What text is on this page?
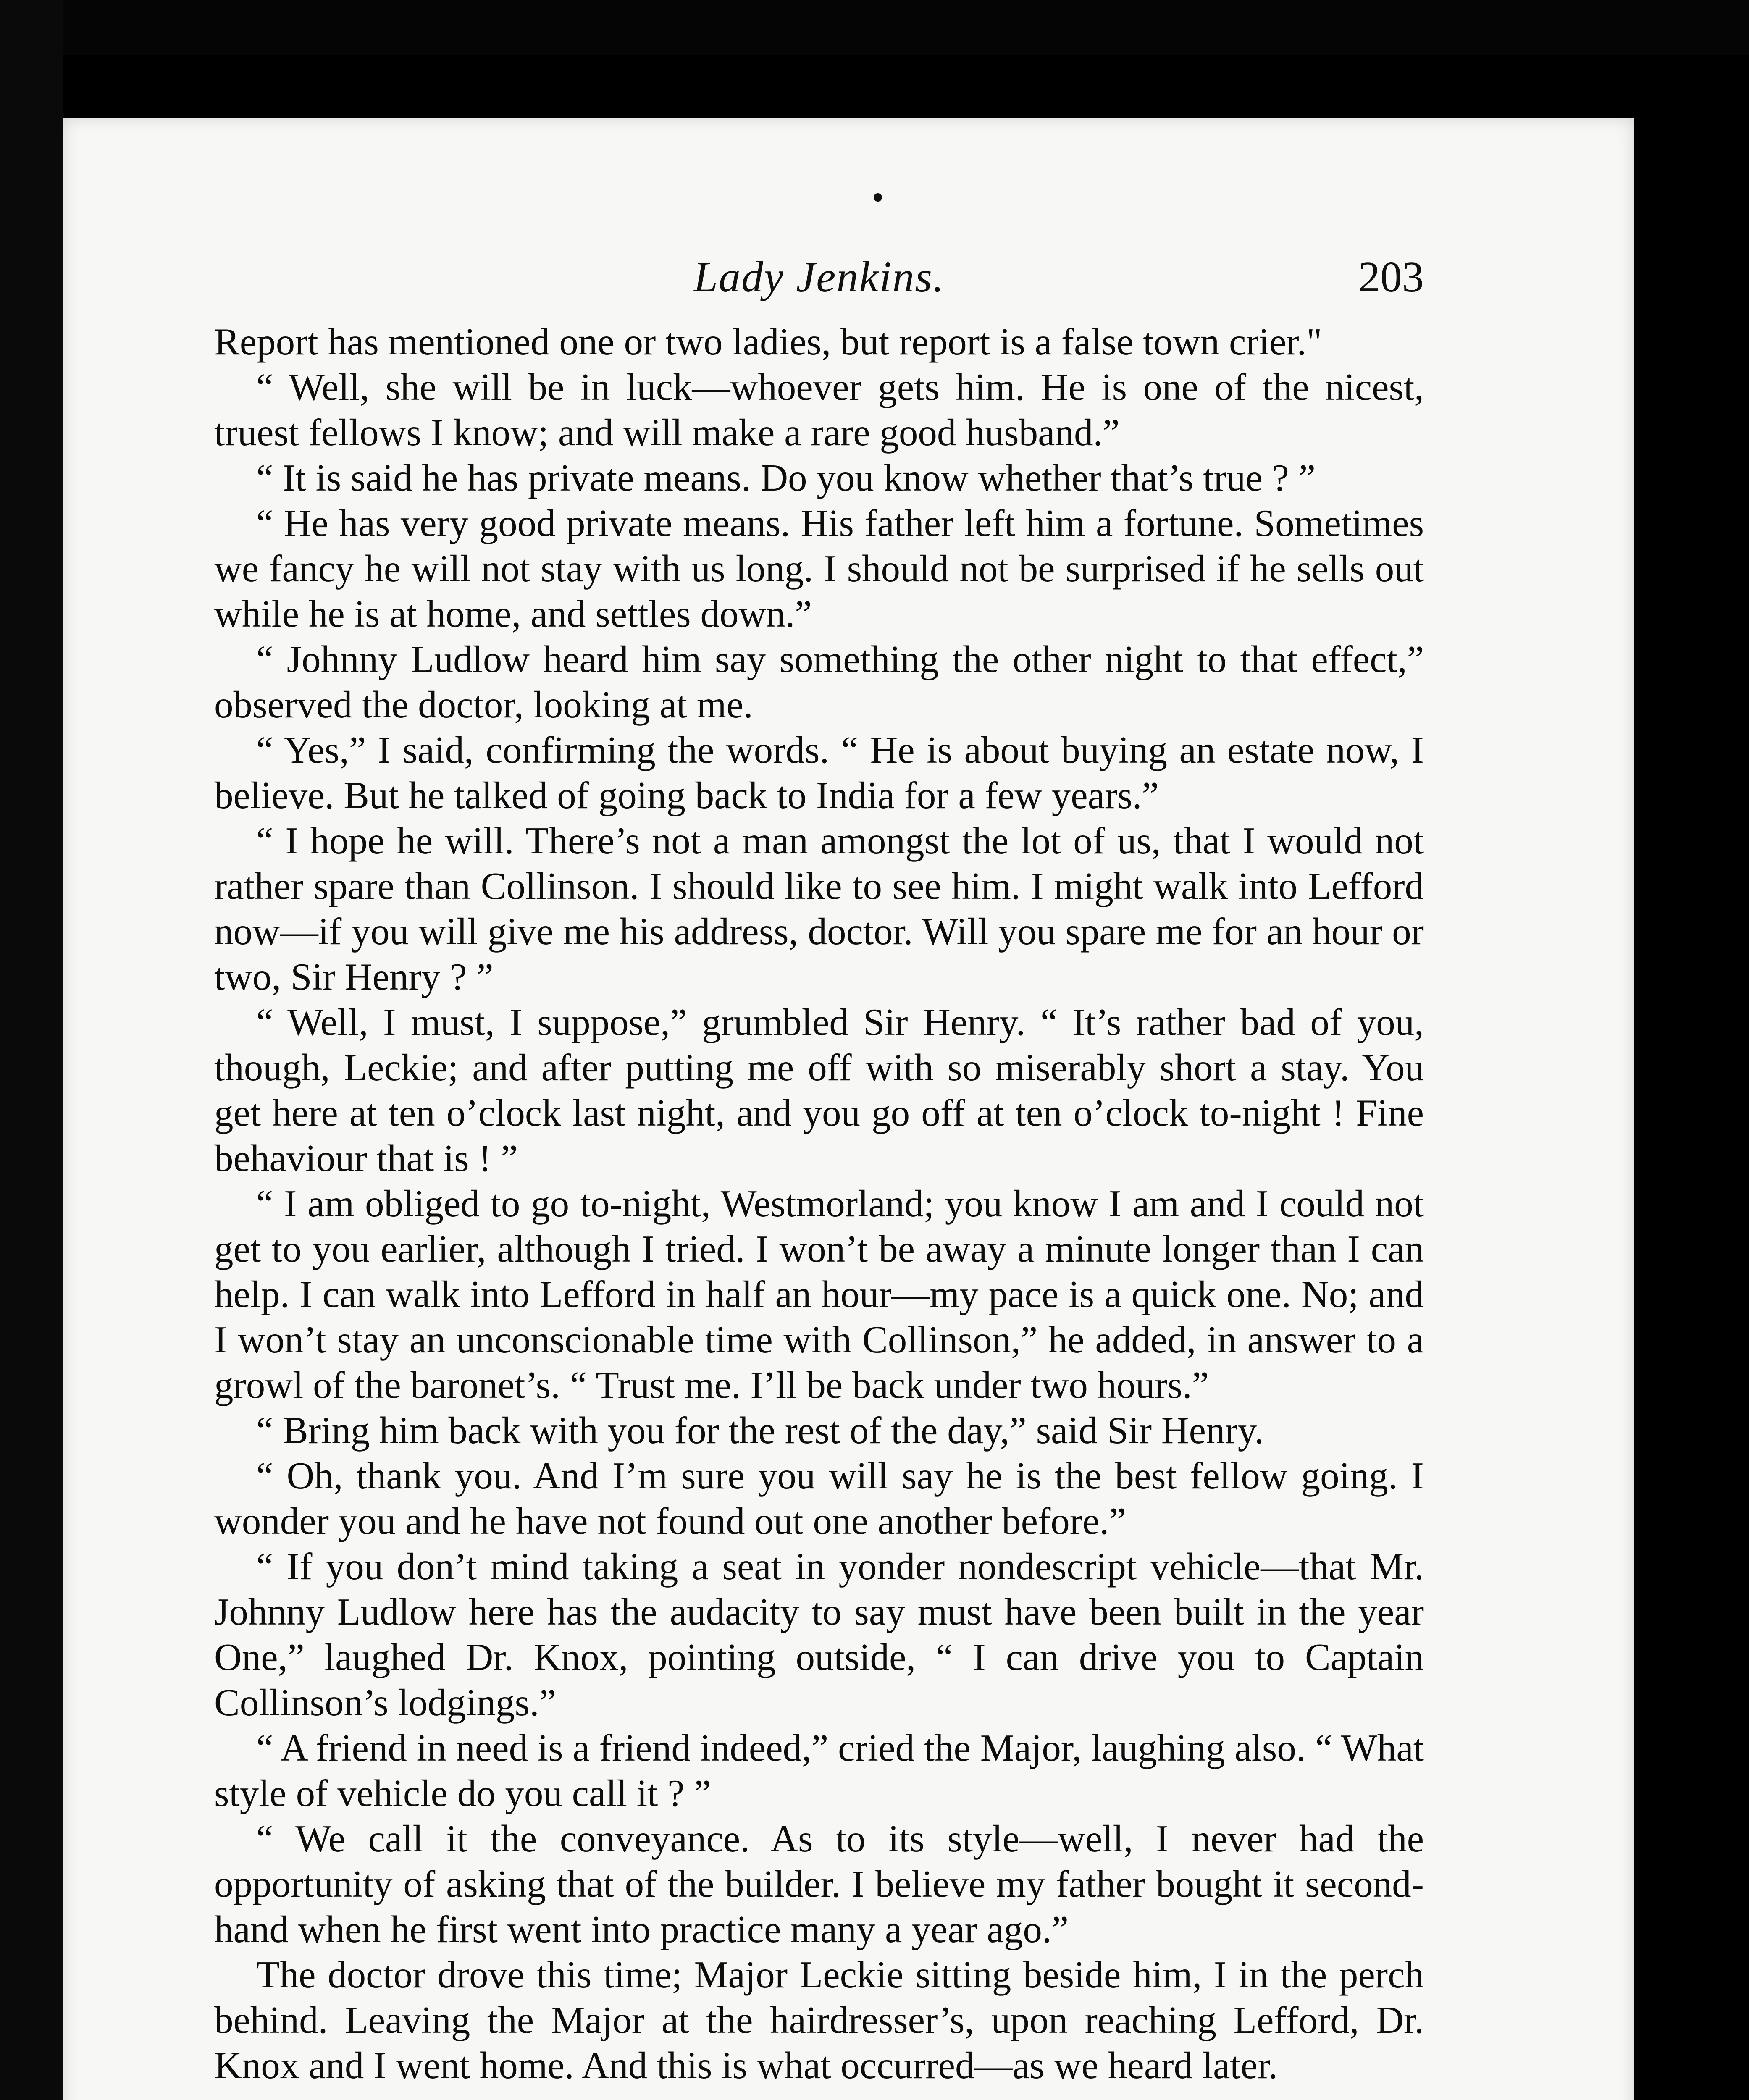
Lady Jenkins.	203

Report has mentioned one or two ladies, but report is a false town crier."

“ Well, she will be in luck—whoever gets him. He is one of the nicest, truest fellows I know; and will make a rare good husband.”

“ It is said he has private means. Do you know whether that’s true ? ”

“ He has very good private means. His father left him a fortune. Sometimes we fancy he will not stay with us long. I should not be surprised if he sells out while he is at home, and settles down.”

“ Johnny Ludlow heard him say something the other night to that effect,” observed the doctor, looking at me.

“ Yes,” I said, confirming the words. “ He is about buying an estate now, I believe. But he talked of going back to India for a few years.”

“ I hope he will. There’s not a man amongst the lot of us, that I would not rather spare than Collinson. I should like to see him. I might walk into Lefford now—if you will give me his address, doctor. Will you spare me for an hour or two, Sir Henry ? ”

“ Well, I must, I suppose,” grumbled Sir Henry. “ It’s rather bad of you, though, Leckie; and after putting me off with so miserably short a stay. You get here at ten o’clock last night, and you go off at ten o’clock to-night ! Fine behaviour that is ! ”

“ I am obliged to go to-night, Westmorland; you know I am and I could not get to you earlier, although I tried. I won’t be away a minute longer than I can help. I can walk into Lefford in half an hour—my pace is a quick one. No; and I won’t stay an unconscionable time with Collinson,” he added, in answer to a growl of the baronet’s. “ Trust me. I’ll be back under two hours.”

“ Bring him back with you for the rest of the day,” said Sir Henry.

“ Oh, thank you. And I’m sure you will say he is the best fellow going. I wonder you and he have not found out one another before.”

“ If you don’t mind taking a seat in yonder nondescript vehicle—that Mr. Johnny Ludlow here has the audacity to say must have been built in the year One,” laughed Dr. Knox, pointing outside, “ I can drive you to Captain Collinson’s lodgings.”

“ A friend in need is a friend indeed,” cried the Major, laughing also. “ What style of vehicle do you call it ? ”

“ We call it the conveyance. As to its style—well, I never had the opportunity of asking that of the builder. I believe my father bought it second-hand when he first went into practice many a year ago.”

The doctor drove this time; Major Leckie sitting beside him, I in the perch behind. Leaving the Major at the hairdresser’s, upon reaching Lefford, Dr. Knox and I went home. And this is what occurred—as we heard later.
